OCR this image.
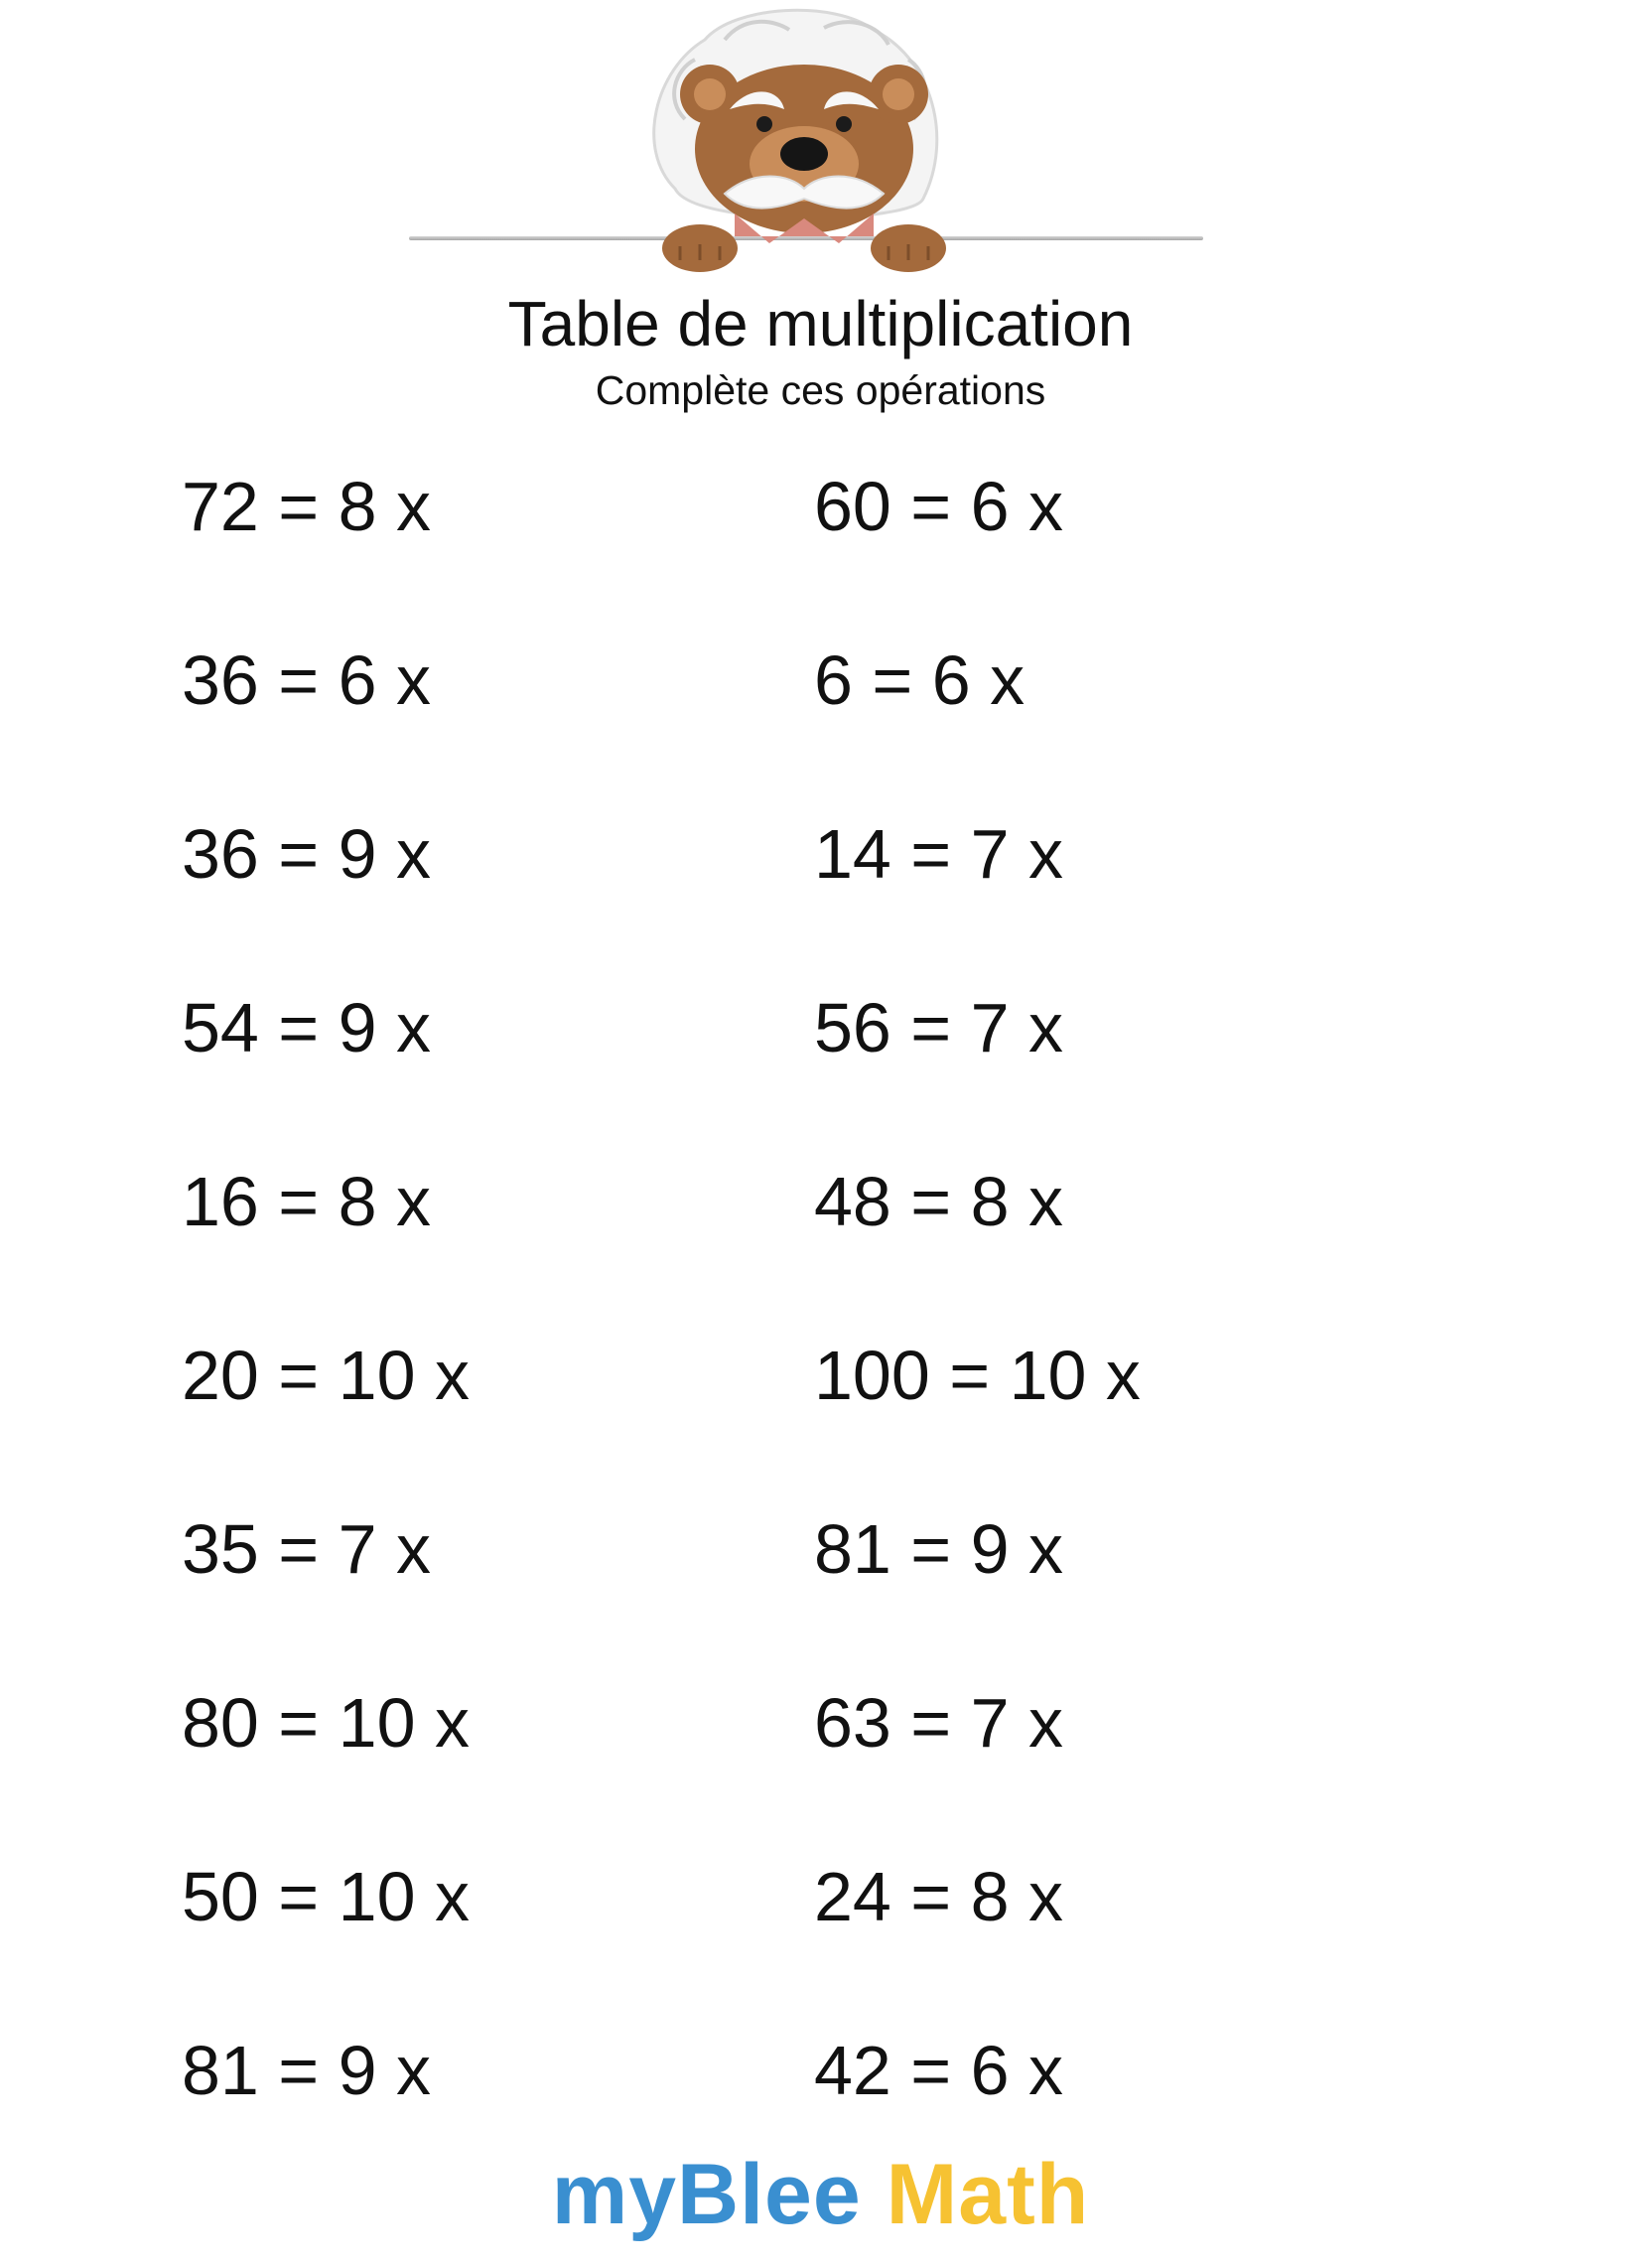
Table de multiplication
Complète ces opérations
72 = 8 x
36 = 6 x
36 = 9 x
54 = 9 x
16 = 8 x
20 = 10 x
35 = 7 x
80 = 10 x
50 = 10 x
81 = 9 x
60 = 6 x
6 = 6 x
14 = 7 x
56 = 7 x
48 = 8 x
100 = 10 x
81 = 9 x
63 = 7 x
24 = 8 x
42 = 6 x
myBlee Math
